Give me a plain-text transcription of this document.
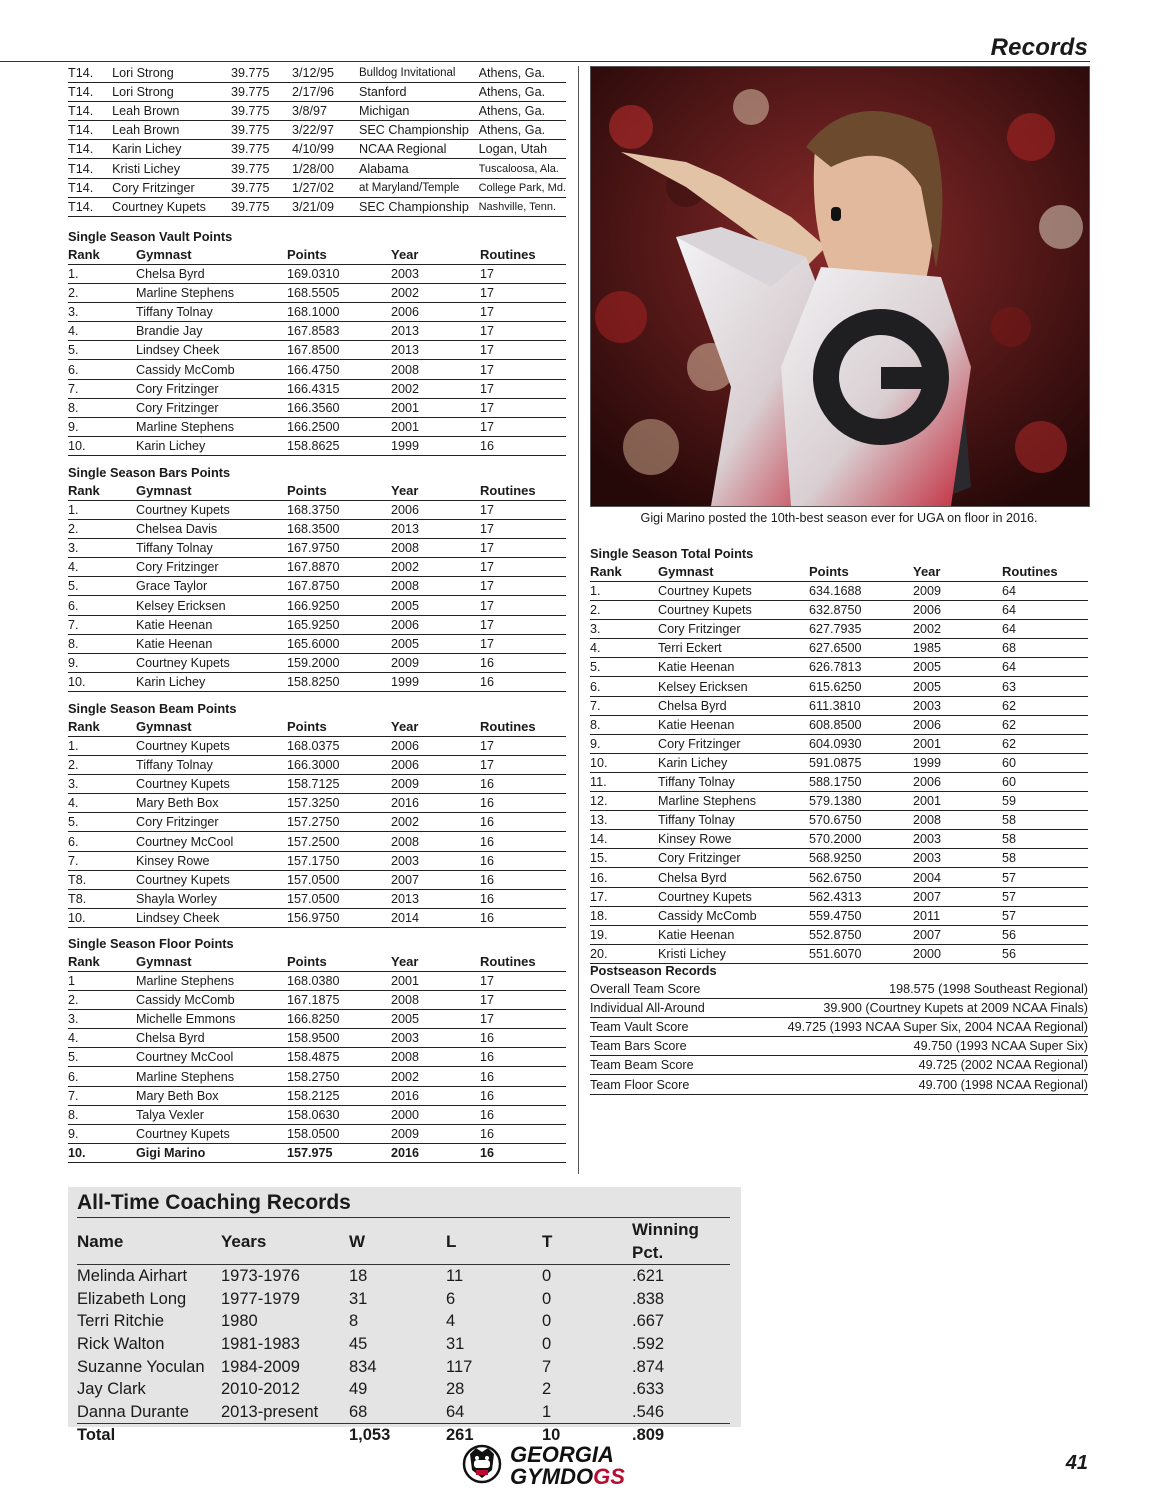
Records
T14.	Lori Strong	39.775	3/12/95	Bulldog Invitational	Athens, Ga.
T14.	Lori Strong	39.775	2/17/96	Stanford	Athens, Ga.
T14.	Leah Brown	39.775	3/8/97	Michigan	Athens, Ga.
T14.	Leah Brown	39.775	3/22/97	SEC Championship	Athens, Ga.
T14.	Karin Lichey	39.775	4/10/99	NCAA Regional	Logan, Utah
T14.	Kristi Lichey	39.775	1/28/00	Alabama	Tuscaloosa, Ala.
T14.	Cory Fritzinger	39.775	1/27/02	at Maryland/Temple	College Park, Md.
T14.	Courtney Kupets	39.775	3/21/09	SEC Championship	Nashville, Tenn.
Single Season Vault Points
Rank	Gymnast	Points	Year	Routines
1.	Chelsa Byrd	169.0310	2003	17
2.	Marline Stephens	168.5505	2002	17
3.	Tiffany Tolnay	168.1000	2006	17
4.	Brandie Jay	167.8583	2013	17
5.	Lindsey Cheek	167.8500	2013	17
6.	Cassidy McComb	166.4750	2008	17
7.	Cory Fritzinger	166.4315	2002	17
8.	Cory Fritzinger	166.3560	2001	17
9.	Marline Stephens	166.2500	2001	17
10.	Karin Lichey	158.8625	1999	16
Single Season Bars Points
Rank	Gymnast	Points	Year	Routines
1.	Courtney Kupets	168.3750	2006	17
2.	Chelsea Davis	168.3500	2013	17
3.	Tiffany Tolnay	167.9750	2008	17
4.	Cory Fritzinger	167.8870	2002	17
5.	Grace Taylor	167.8750	2008	17
6.	Kelsey Ericksen	166.9250	2005	17
7.	Katie Heenan	165.9250	2006	17
8.	Katie Heenan	165.6000	2005	17
9.	Courtney Kupets	159.2000	2009	16
10.	Karin Lichey	158.8250	1999	16
Single Season Beam Points
Rank	Gymnast	Points	Year	Routines
1.	Courtney Kupets	168.0375	2006	17
2.	Tiffany Tolnay	166.3000	2006	17
3.	Courtney Kupets	158.7125	2009	16
4.	Mary Beth Box	157.3250	2016	16
5.	Cory Fritzinger	157.2750	2002	16
6.	Courtney McCool	157.2500	2008	16
7.	Kinsey Rowe	157.1750	2003	16
T8.	Courtney Kupets	157.0500	2007	16
T8.	Shayla Worley	157.0500	2013	16
10.	Lindsey Cheek	156.9750	2014	16
Single Season Floor Points
Rank	Gymnast	Points	Year	Routines
1	Marline Stephens	168.0380	2001	17
2.	Cassidy McComb	167.1875	2008	17
3.	Michelle Emmons	166.8250	2005	17
4.	Chelsa Byrd	158.9500	2003	16
5.	Courtney McCool	158.4875	2008	16
6.	Marline Stephens	158.2750	2002	16
7.	Mary Beth Box	158.2125	2016	16
8.	Talya Vexler	158.0630	2000	16
9.	Courtney Kupets	158.0500	2009	16
10.	Gigi Marino	157.975	2016	16
Gigi Marino posted the 10th-best season ever for UGA on floor in 2016.
Single Season Total Points
Rank	Gymnast	Points	Year	Routines
1.	Courtney Kupets	634.1688	2009	64
2.	Courtney Kupets	632.8750	2006	64
3.	Cory Fritzinger	627.7935	2002	64
4.	Terri Eckert	627.6500	1985	68
5.	Katie Heenan	626.7813	2005	64
6.	Kelsey Ericksen	615.6250	2005	63
7.	Chelsa Byrd	611.3810	2003	62
8.	Katie Heenan	608.8500	2006	62
9.	Cory Fritzinger	604.0930	2001	62
10.	Karin Lichey	591.0875	1999	60
11.	Tiffany Tolnay	588.1750	2006	60
12.	Marline Stephens	579.1380	2001	59
13.	Tiffany Tolnay	570.6750	2008	58
14.	Kinsey Rowe	570.2000	2003	58
15.	Cory Fritzinger	568.9250	2003	58
16.	Chelsa Byrd	562.6750	2004	57
17.	Courtney Kupets	562.4313	2007	57
18.	Cassidy McComb	559.4750	2011	57
19.	Katie Heenan	552.8750	2007	56
20.	Kristi Lichey	551.6070	2000	56
Postseason Records
Overall Team Score	198.575 (1998 Southeast Regional)
Individual All-Around	39.900 (Courtney Kupets at 2009 NCAA Finals)
Team Vault Score	49.725 (1993 NCAA Super Six, 2004 NCAA Regional)
Team Bars Score	49.750 (1993 NCAA Super Six)
Team Beam Score	49.725 (2002 NCAA Regional)
Team Floor Score	49.700 (1998 NCAA Regional)
All-Time Coaching Records
Name	Years	W	L	T	Winning Pct.
Melinda Airhart	1973-1976	18	11	0	.621
Elizabeth Long	1977-1979	31	6	0	.838
Terri Ritchie	1980	8	4	0	.667
Rick Walton	1981-1983	45	31	0	.592
Suzanne Yoculan	1984-2009	834	117	7	.874
Jay Clark	2010-2012	49	28	2	.633
Danna Durante	2013-present	68	64	1	.546
Total		1,053	261	10	.809
GEORGIA
GYMDOGS
41
